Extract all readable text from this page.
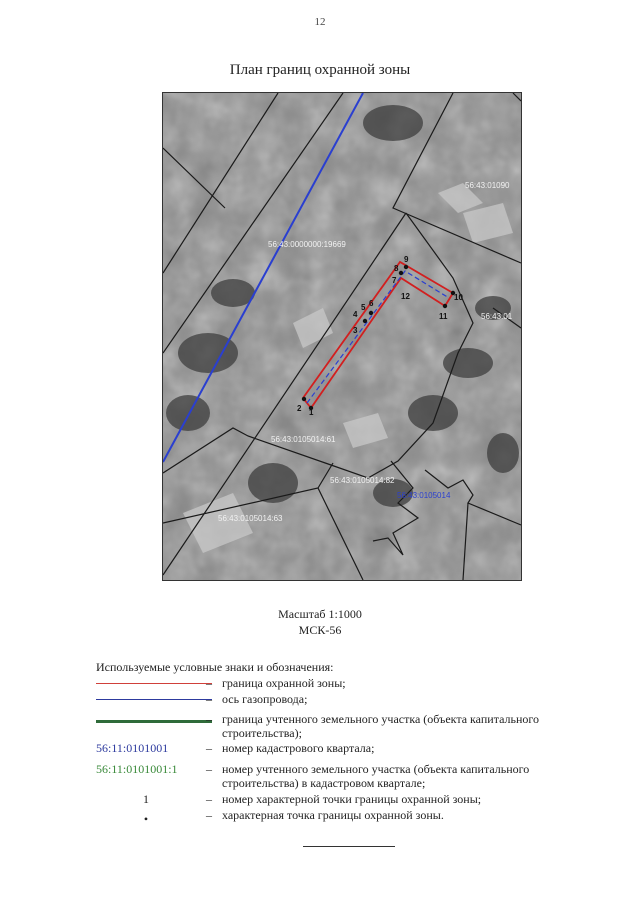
12
План границ охранной зоны
1
2
3
4
5 6
7
8
9
10
11
12
56:43:0000000:19669
56:43:01090
56:43:01
56:43:0105014:61
56:43:0105014:82
56:43:0105014:63
56:43:0105014
Масштаб 1:1000
МСК-56
Используемые условные знаки и обозначения:
– граница охранной зоны;
– ось газопровода;
– граница учтенного земельного участка (объекта капитального строительства);
56:11:0101001	– номер кадастрового квартала;
56:11:0101001:1	– номер учтенного земельного участка (объекта капитального строительства) в кадастровом квартале;
1	– номер характерной точки границы охранной зоны;
•	– характерная точка границы охранной зоны.
